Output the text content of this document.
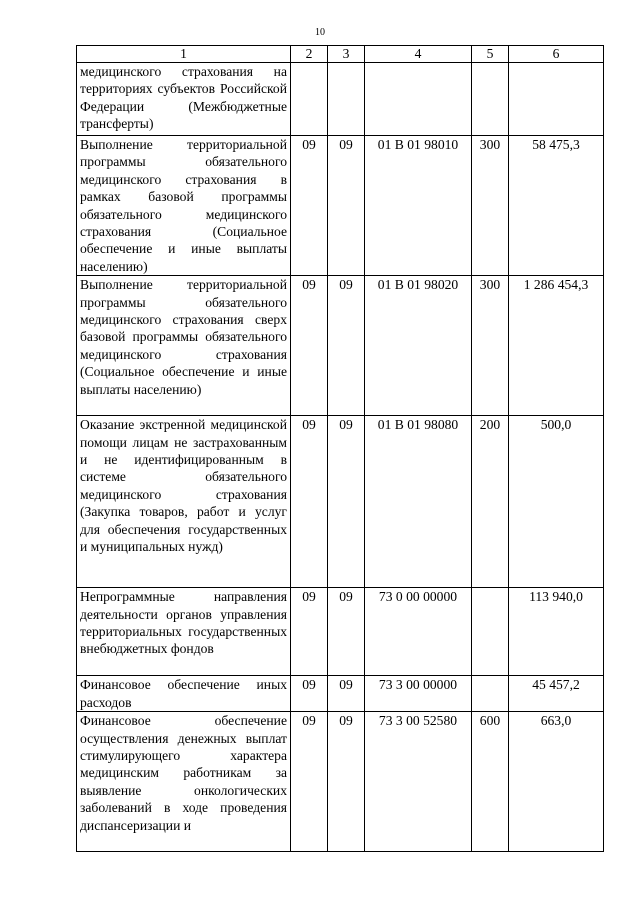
10
1	2	3	4	5	6
медицинского страхования на территориях субъектов Российской Федерации (Межбюджетные трансферты)					
Выполнение территориальной программы обязательного медицинского страхования в рамках базовой программы обязательного медицинского страхования (Социальное обеспечение и иные выплаты населению)	09	09	01 В 01 98010	300	58 475,3
Выполнение территориальной программы обязательного медицинского страхования сверх базовой программы обязательного медицинского страхования (Социальное обеспечение и иные выплаты населению)	09	09	01 В 01 98020	300	1 286 454,3
Оказание экстренной медицинской помощи лицам не застрахованным и не идентифицированным в системе обязательного медицинского страхования (Закупка товаров, работ и услуг для обеспечения государственных и муниципальных нужд)	09	09	01 В 01 98080	200	500,0
Непрограммные направления деятельности органов управления территориальных государственных внебюджетных фондов	09	09	73 0 00 00000		113 940,0
Финансовое обеспечение иных расходов	09	09	73 3 00 00000		45 457,2
Финансовое обеспечение осуществления денежных выплат стимулирующего характера медицинским работникам за выявление онкологических заболеваний в ходе проведения диспансеризации и	09	09	73 3 00 52580	600	663,0
